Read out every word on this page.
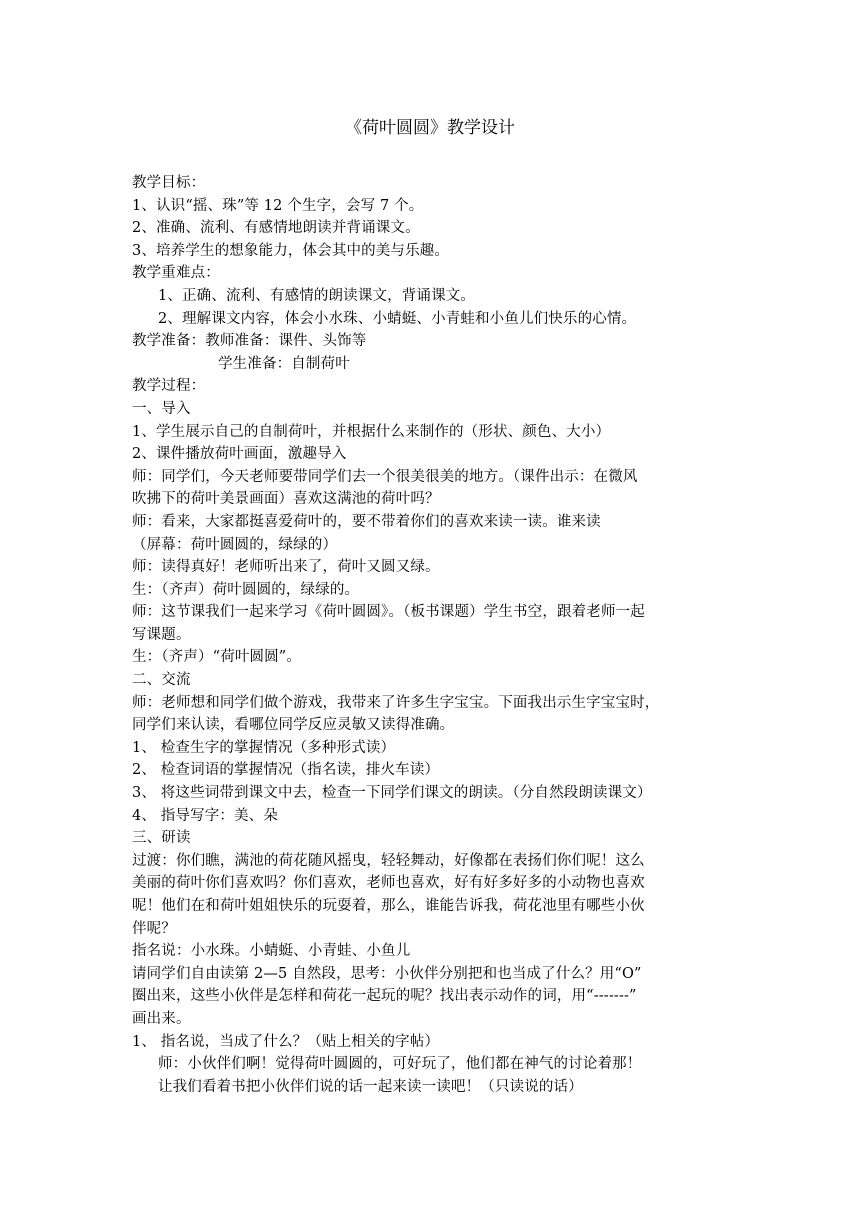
《荷叶圆圆》教学设计
教学目标：
1、认识“摇、珠”等 12 个生字，会写 7 个。
2、准确、流利、有感情地朗读并背诵课文。
3、培养学生的想象能力，体会其中的美与乐趣。
教学重难点：
1、正确、流利、有感情的朗读课文，背诵课文。
2、理解课文内容，体会小水珠、小蜻蜓、小青蛙和小鱼儿们快乐的心情。
教学准备：教师准备：课件、头饰等
学生准备：自制荷叶
教学过程：
一、导入
1、学生展示自己的自制荷叶，并根据什么来制作的（形状、颜色、大小）
2、课件播放荷叶画面，激趣导入
师：同学们，今天老师要带同学们去一个很美很美的地方。（课件出示：在微风
吹拂下的荷叶美景画面）喜欢这满池的荷叶吗？
师：看来，大家都挺喜爱荷叶的，要不带着你们的喜欢来读一读。谁来读
（屏幕：荷叶圆圆的，绿绿的）
师：读得真好！老师听出来了，荷叶又圆又绿。
生：（齐声）荷叶圆圆的，绿绿的。
师：这节课我们一起来学习《荷叶圆圆》。（板书课题）学生书空，跟着老师一起
写课题。
生：（齐声）“荷叶圆圆”。
二、交流
师：老师想和同学们做个游戏，我带来了许多生字宝宝。下面我出示生字宝宝时，
同学们来认读，看哪位同学反应灵敏又读得准确。
1、 检查生字的掌握情况（多种形式读）
2、 检查词语的掌握情况（指名读，排火车读）
3、 将这些词带到课文中去，检查一下同学们课文的朗读。（分自然段朗读课文）
4、 指导写字：美、朵
三、研读
过渡：你们瞧，满池的荷花随风摇曳，轻轻舞动，好像都在表扬们你们呢！这么
美丽的荷叶你们喜欢吗？你们喜欢，老师也喜欢，好有好多好多的小动物也喜欢
呢！他们在和荷叶姐姐快乐的玩耍着，那么，谁能告诉我，荷花池里有哪些小伙
伴呢？
指名说：小水珠。小蜻蜓、小青蛙、小鱼儿
请同学们自由读第 2—5 自然段，思考：小伙伴分别把和也当成了什么？用“O”
圈出来，这些小伙伴是怎样和荷花一起玩的呢？找出表示动作的词，用“-------”
画出来。
1、 指名说，当成了什么？（贴上相关的字帖）
师：小伙伴们啊！觉得荷叶圆圆的，可好玩了，他们都在神气的讨论着那！
让我们看着书把小伙伴们说的话一起来读一读吧！（只读说的话）
